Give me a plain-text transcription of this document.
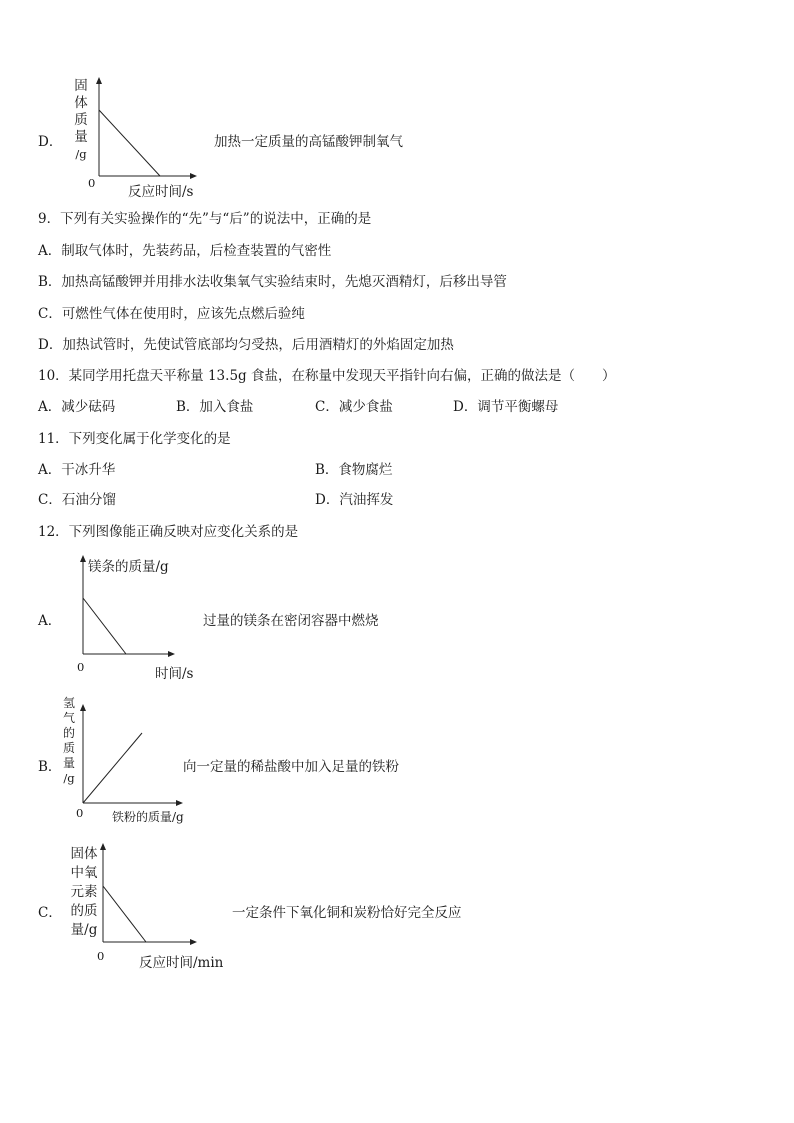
D．
固
体
质
量
/g
0
反应时间/s
加热一定质量的高锰酸钾制氧气
9．下列有关实验操作的“先”与“后”的说法中，正确的是
A．制取气体时，先装药品，后检查装置的气密性
B．加热高锰酸钾并用排水法收集氧气实验结束时，先熄灭酒精灯，后移出导管
C．可燃性气体在使用时，应该先点燃后验纯
D．加热试管时，先使试管底部均匀受热，后用酒精灯的外焰固定加热
10．某同学用托盘天平称量 13.5g 食盐，在称量中发现天平指针向右偏，正确的做法是（　　）
A．减少砝码	B．加入食盐	C．减少食盐	D．调节平衡螺母
11．下列变化属于化学变化的是
A．干冰升华	B．食物腐烂
C．石油分馏	D．汽油挥发
12．下列图像能正确反映对应变化关系的是
A．
镁条的质量/g
0	时间/s
过量的镁条在密闭容器中燃烧
B．
氢
气
的
质
量
/g
0 铁粉的质量/g
向一定量的稀盐酸中加入足量的铁粉
C．
固体
中氧
元素
的质
量/g
0	反应时间/min
一定条件下氧化铜和炭粉恰好完全反应
